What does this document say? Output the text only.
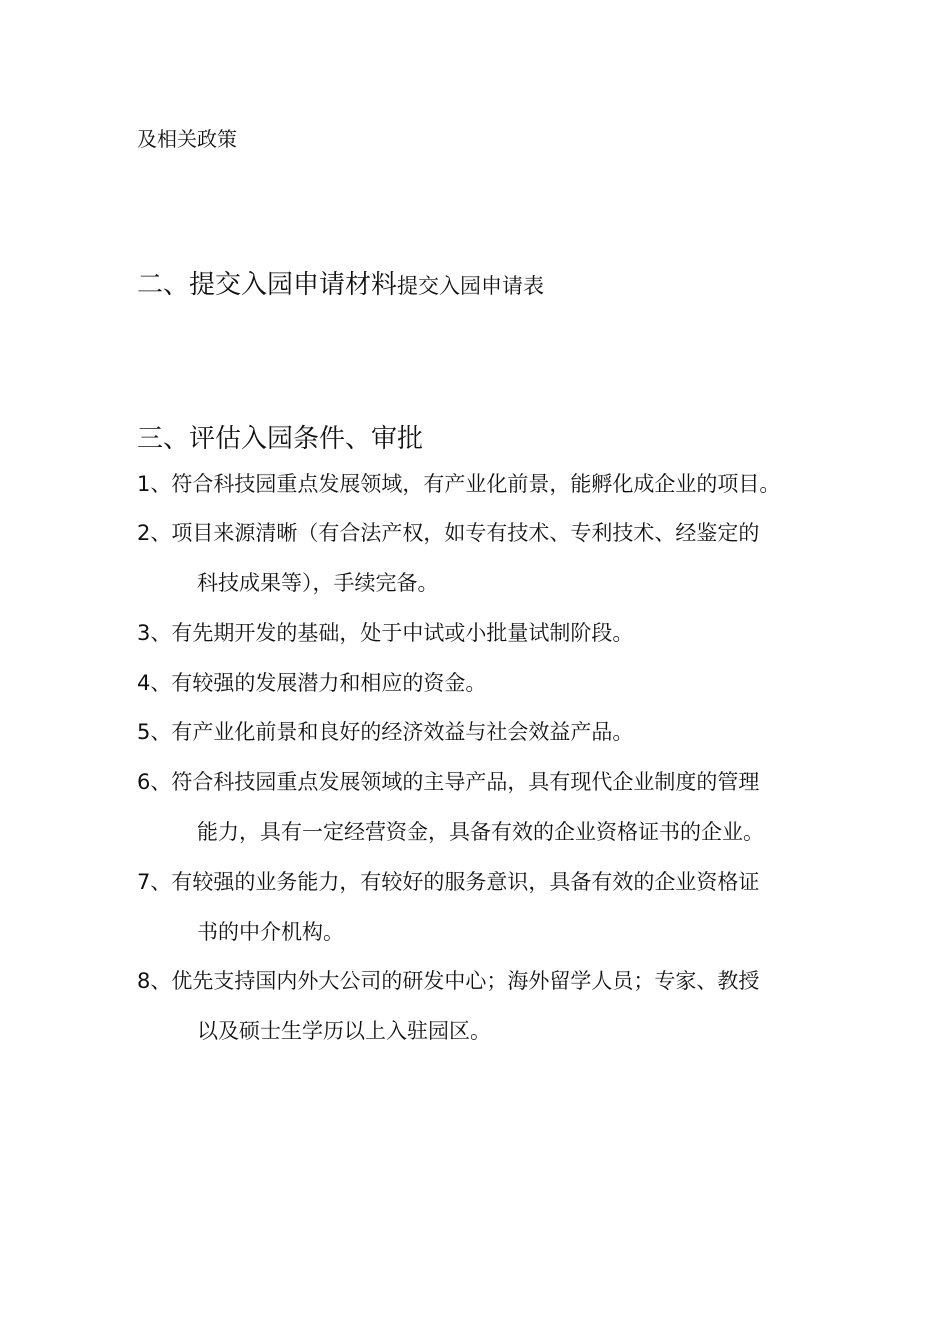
及相关政策
二、提交入园申请材料提交入园申请表
三、评估入园条件、审批
1、符合科技园重点发展领域，有产业化前景，能孵化成企业的项目。
2、项目来源清晰（有合法产权，如专有技术、专利技术、经鉴定的
科技成果等），手续完备。
3、有先期开发的基础，处于中试或小批量试制阶段。
4、有较强的发展潜力和相应的资金。
5、有产业化前景和良好的经济效益与社会效益产品。
6、符合科技园重点发展领域的主导产品，具有现代企业制度的管理
能力，具有一定经营资金，具备有效的企业资格证书的企业。
7、有较强的业务能力，有较好的服务意识，具备有效的企业资格证
书的中介机构。
8、优先支持国内外大公司的研发中心；海外留学人员；专家、教授
以及硕士生学历以上入驻园区。
